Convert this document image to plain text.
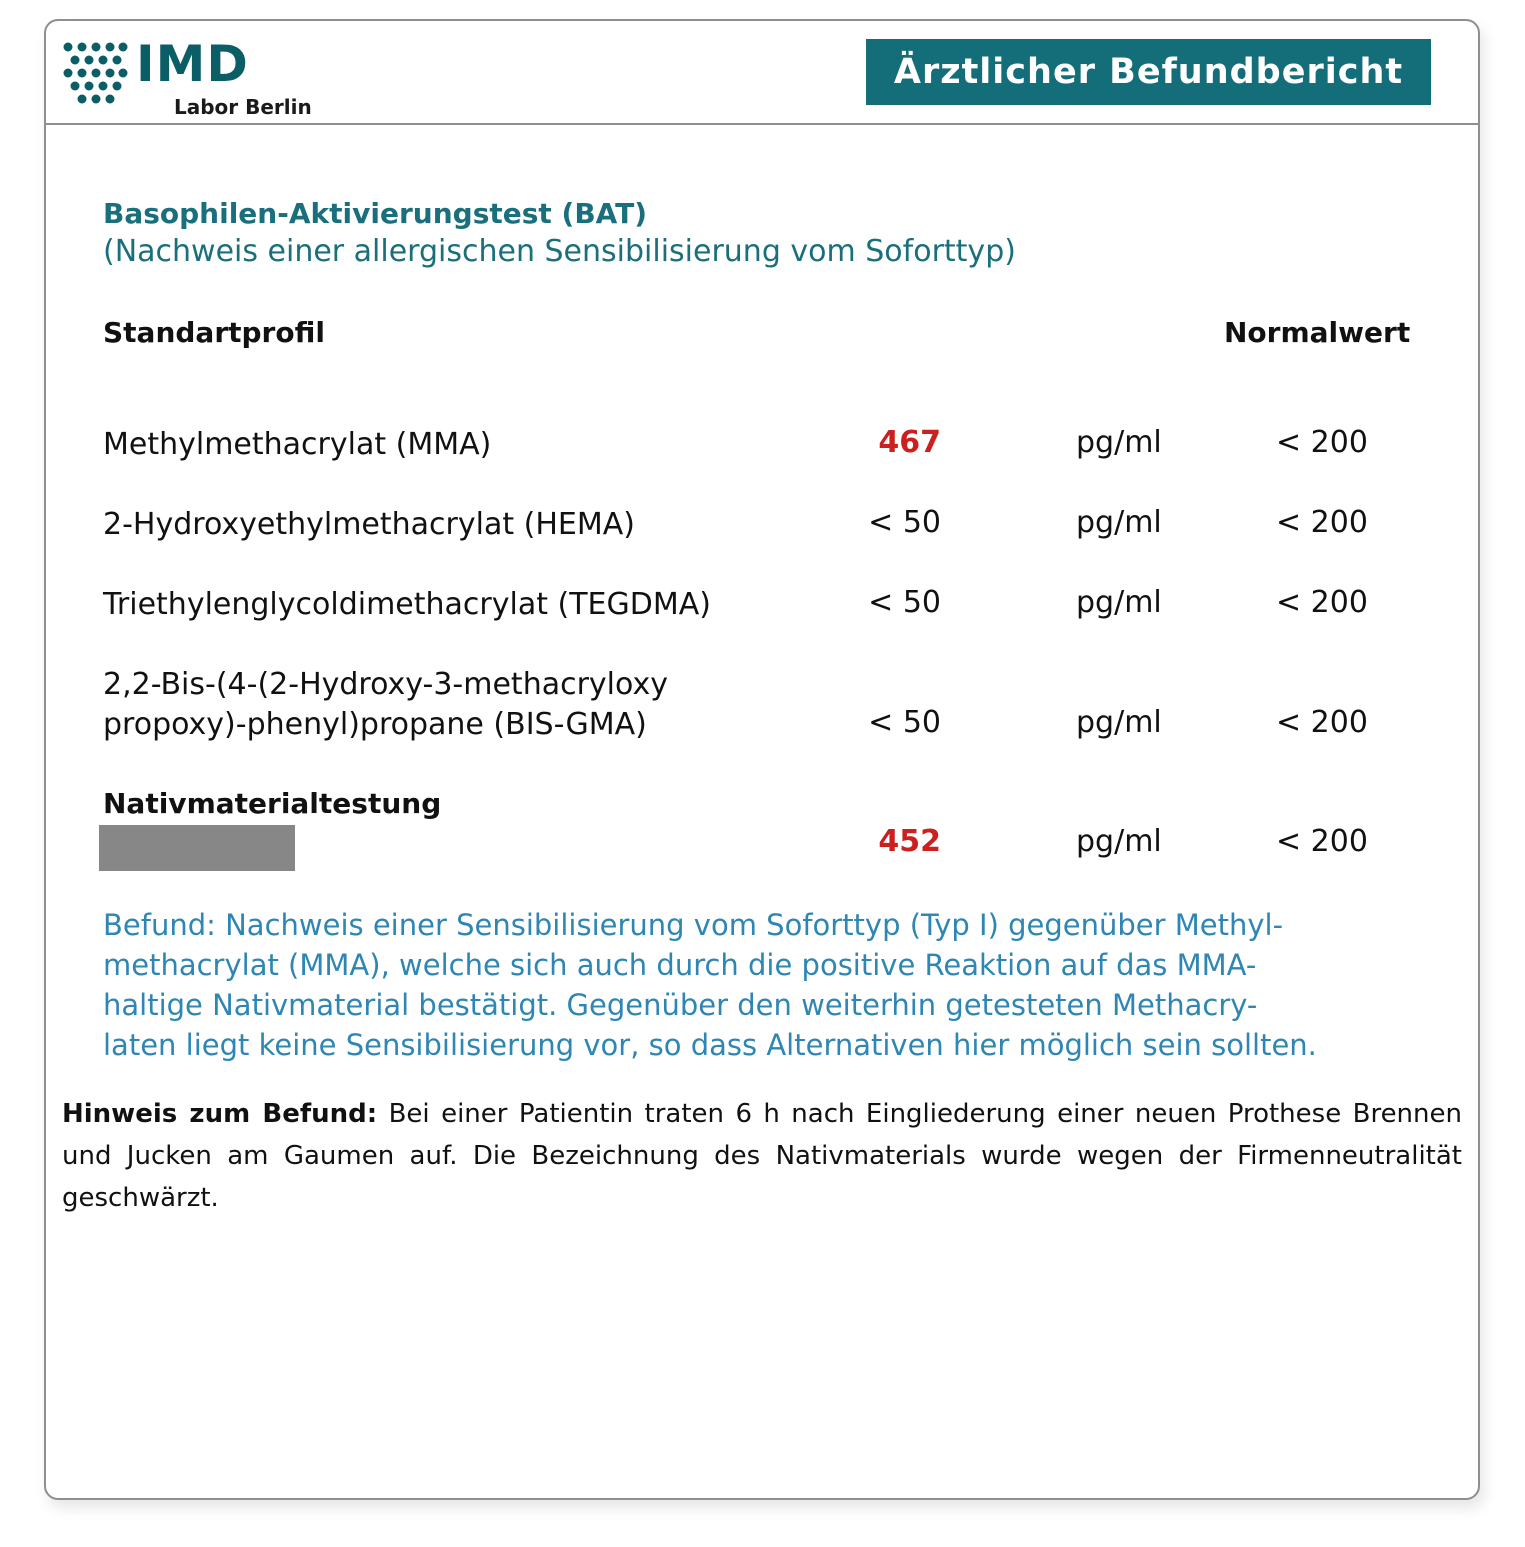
IMD
Labor Berlin
Ärztlicher Befundbericht
Basophilen-Aktivierungstest (BAT)
(Nachweis einer allergischen Sensibilisierung vom Soforttyp)
Standartprofil	Normalwert
Methylmethacrylat (MMA)	467	pg/ml	< 200
2-Hydroxyethylmethacrylat (HEMA)	< 50	pg/ml	< 200
Triethylenglycoldimethacrylat (TEGDMA)	< 50	pg/ml	< 200
2,2-Bis-(4-(2-Hydroxy-3-methacryloxy
propoxy)-phenyl)propane (BIS-GMA)	< 50	pg/ml	< 200
Nativmaterialtestung
452	pg/ml	< 200
Befund: Nachweis einer Sensibilisierung vom Soforttyp (Typ I) gegenüber Methyl-
methacrylat (MMA), welche sich auch durch die positive Reaktion auf das MMA-
haltige Nativmaterial bestätigt. Gegenüber den weiterhin getesteten Methacry-
laten liegt keine Sensibilisierung vor, so dass Alternativen hier möglich sein sollten.
Hinweis zum Befund: Bei einer Patientin traten 6 h nach Eingliederung einer neuen Prothese Brennen und Jucken am Gaumen auf. Die Bezeichnung des Nativmaterials wurde wegen der Firmenneutralität geschwärzt.
